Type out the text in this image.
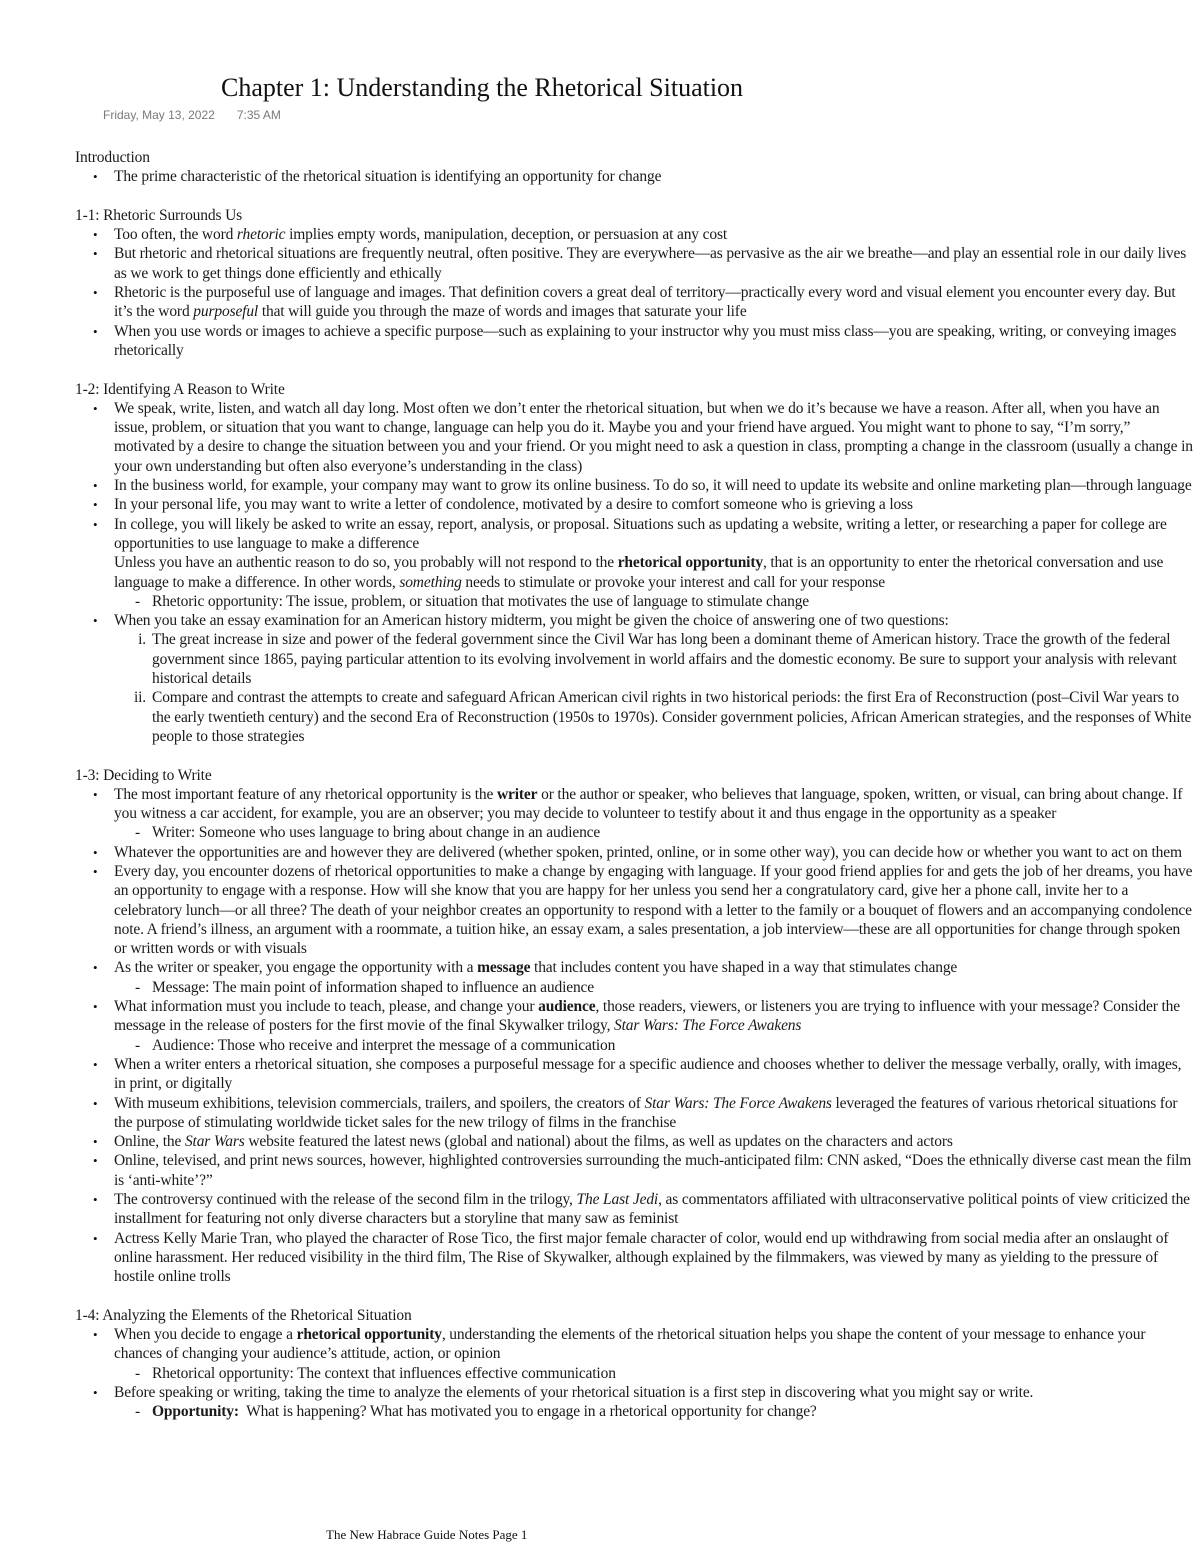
Chapter 1: Understanding the Rhetorical Situation
Friday, May 13, 2022 7:35 AM
Introduction
• The prime characteristic of the rhetorical situation is identifying an opportunity for change
1-1: Rhetoric Surrounds Us
• Too often, the word rhetoric implies empty words, manipulation, deception, or persuasion at any cost
• But rhetoric and rhetorical situations are frequently neutral, often positive. They are everywhere—as pervasive as the air we breathe—and play an essential role in our daily lives as we work to get things done efficiently and ethically
• Rhetoric is the purposeful use of language and images. That definition covers a great deal of territory—practically every word and visual element you encounter every day. But it’s the word purposeful that will guide you through the maze of words and images that saturate your life
• When you use words or images to achieve a specific purpose—such as explaining to your instructor why you must miss class—you are speaking, writing, or conveying images rhetorically
1-2: Identifying A Reason to Write
• We speak, write, listen, and watch all day long. Most often we don’t enter the rhetorical situation, but when we do it’s because we have a reason. After all, when you have an issue, problem, or situation that you want to change, language can help you do it. Maybe you and your friend have argued. You might want to phone to say, “I’m sorry,” motivated by a desire to change the situation between you and your friend. Or you might need to ask a question in class, prompting a change in the classroom (usually a change in your own understanding but often also everyone’s understanding in the class)
• In the business world, for example, your company may want to grow its online business. To do so, it will need to update its website and online marketing plan—through language
• In your personal life, you may want to write a letter of condolence, motivated by a desire to comfort someone who is grieving a loss
• In college, you will likely be asked to write an essay, report, analysis, or proposal. Situations such as updating a website, writing a letter, or researching a paper for college are opportunities to use language to make a difference
Unless you have an authentic reason to do so, you probably will not respond to the rhetorical opportunity, that is an opportunity to enter the rhetorical conversation and use language to make a difference. In other words, something needs to stimulate or provoke your interest and call for your response
- Rhetoric opportunity: The issue, problem, or situation that motivates the use of language to stimulate change
• When you take an essay examination for an American history midterm, you might be given the choice of answering one of two questions:
i. The great increase in size and power of the federal government since the Civil War has long been a dominant theme of American history. Trace the growth of the federal government since 1865, paying particular attention to its evolving involvement in world affairs and the domestic economy. Be sure to support your analysis with relevant historical details
ii. Compare and contrast the attempts to create and safeguard African American civil rights in two historical periods: the first Era of Reconstruction (post–Civil War years to the early twentieth century) and the second Era of Reconstruction (1950s to 1970s). Consider government policies, African American strategies, and the responses of White people to those strategies
1-3: Deciding to Write
• The most important feature of any rhetorical opportunity is the writer or the author or speaker, who believes that language, spoken, written, or visual, can bring about change. If you witness a car accident, for example, you are an observer; you may decide to volunteer to testify about it and thus engage in the opportunity as a speaker
- Writer: Someone who uses language to bring about change in an audience
• Whatever the opportunities are and however they are delivered (whether spoken, printed, online, or in some other way), you can decide how or whether you want to act on them
• Every day, you encounter dozens of rhetorical opportunities to make a change by engaging with language. If your good friend applies for and gets the job of her dreams, you have an opportunity to engage with a response. How will she know that you are happy for her unless you send her a congratulatory card, give her a phone call, invite her to a celebratory lunch—or all three? The death of your neighbor creates an opportunity to respond with a letter to the family or a bouquet of flowers and an accompanying condolence note. A friend’s illness, an argument with a roommate, a tuition hike, an essay exam, a sales presentation, a job interview—these are all opportunities for change through spoken or written words or with visuals
• As the writer or speaker, you engage the opportunity with a message that includes content you have shaped in a way that stimulates change
- Message: The main point of information shaped to influence an audience
• What information must you include to teach, please, and change your audience, those readers, viewers, or listeners you are trying to influence with your message? Consider the message in the release of posters for the first movie of the final Skywalker trilogy, Star Wars: The Force Awakens
- Audience: Those who receive and interpret the message of a communication
• When a writer enters a rhetorical situation, she composes a purposeful message for a specific audience and chooses whether to deliver the message verbally, orally, with images, in print, or digitally
• With museum exhibitions, television commercials, trailers, and spoilers, the creators of Star Wars: The Force Awakens leveraged the features of various rhetorical situations for the purpose of stimulating worldwide ticket sales for the new trilogy of films in the franchise
• Online, the Star Wars website featured the latest news (global and national) about the films, as well as updates on the characters and actors
• Online, televised, and print news sources, however, highlighted controversies surrounding the much-anticipated film: CNN asked, “Does the ethnically diverse cast mean the film is ‘anti-white’?”
• The controversy continued with the release of the second film in the trilogy, The Last Jedi, as commentators affiliated with ultraconservative political points of view criticized the installment for featuring not only diverse characters but a storyline that many saw as feminist
• Actress Kelly Marie Tran, who played the character of Rose Tico, the first major female character of color, would end up withdrawing from social media after an onslaught of online harassment. Her reduced visibility in the third film, The Rise of Skywalker, although explained by the filmmakers, was viewed by many as yielding to the pressure of hostile online trolls
1-4: Analyzing the Elements of the Rhetorical Situation
• When you decide to engage a rhetorical opportunity, understanding the elements of the rhetorical situation helps you shape the content of your message to enhance your chances of changing your audience’s attitude, action, or opinion
- Rhetorical opportunity: The context that influences effective communication
• Before speaking or writing, taking the time to analyze the elements of your rhetorical situation is a first step in discovering what you might say or write.
- Opportunity:  What is happening? What has motivated you to engage in a rhetorical opportunity for change?
The New Habrace Guide Notes Page 1
